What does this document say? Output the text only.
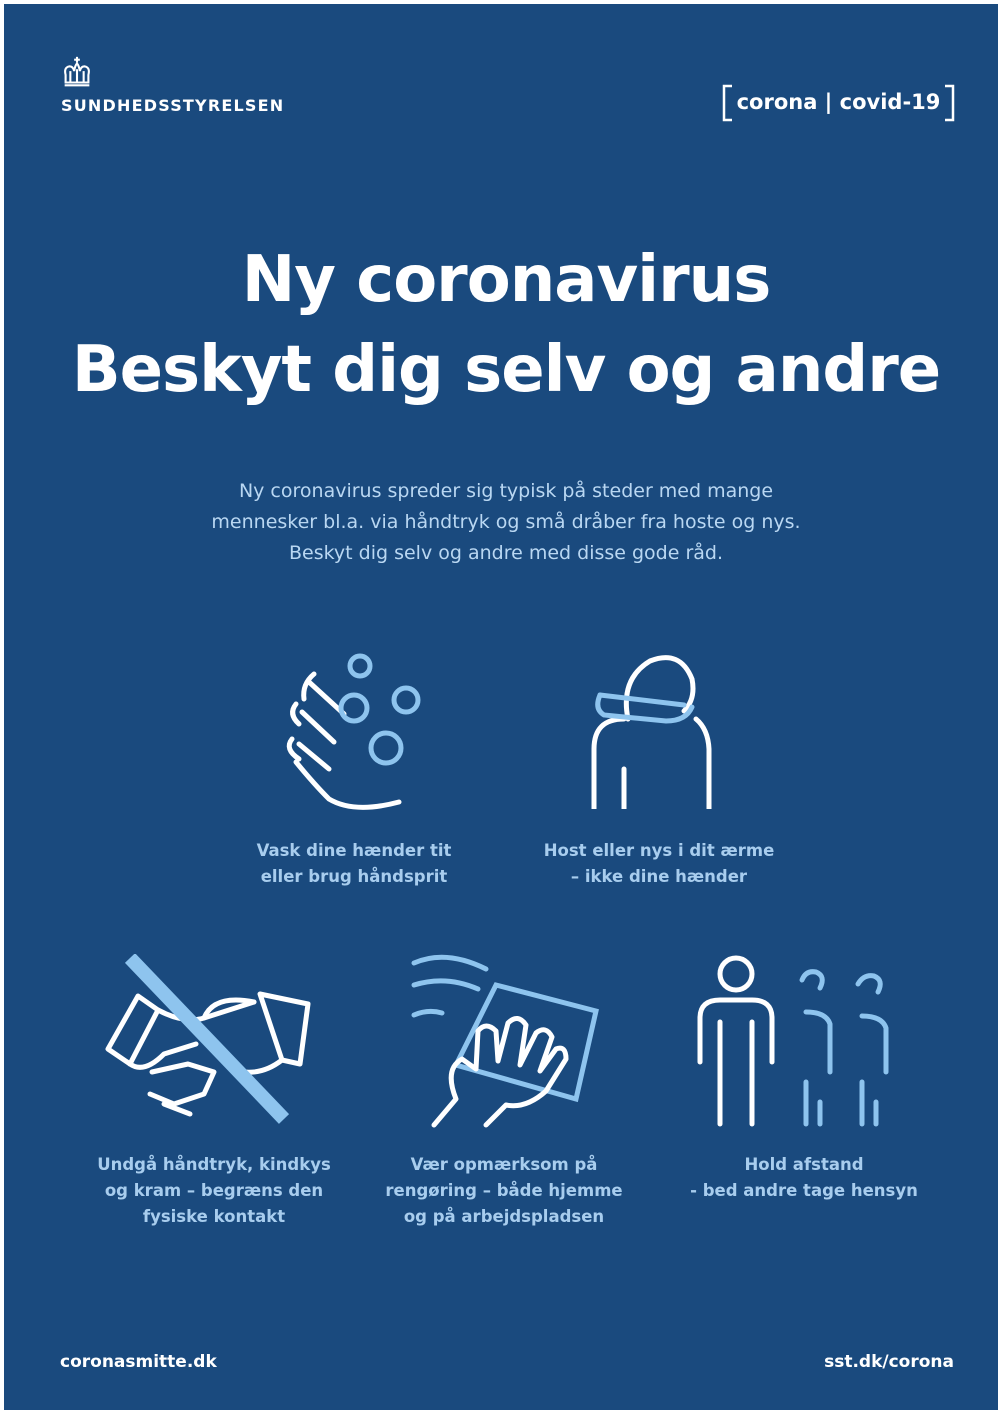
SUNDHEDSSTYRELSEN	corona | covid-19
Ny coronavirus
Beskyt dig selv og andre
Ny coronavirus spreder sig typisk på steder med mange
mennesker bl.a. via håndtryk og små dråber fra hoste og nys.
Beskyt dig selv og andre med disse gode råd.
Vask dine hænder tit
eller brug håndsprit
Host eller nys i dit ærme
– ikke dine hænder
Undgå håndtryk, kindkys
og kram – begræns den
fysiske kontakt
Vær opmærksom på
rengøring – både hjemme
og på arbejdspladsen
Hold afstand
- bed andre tage hensyn
coronasmitte.dk	sst.dk/corona
